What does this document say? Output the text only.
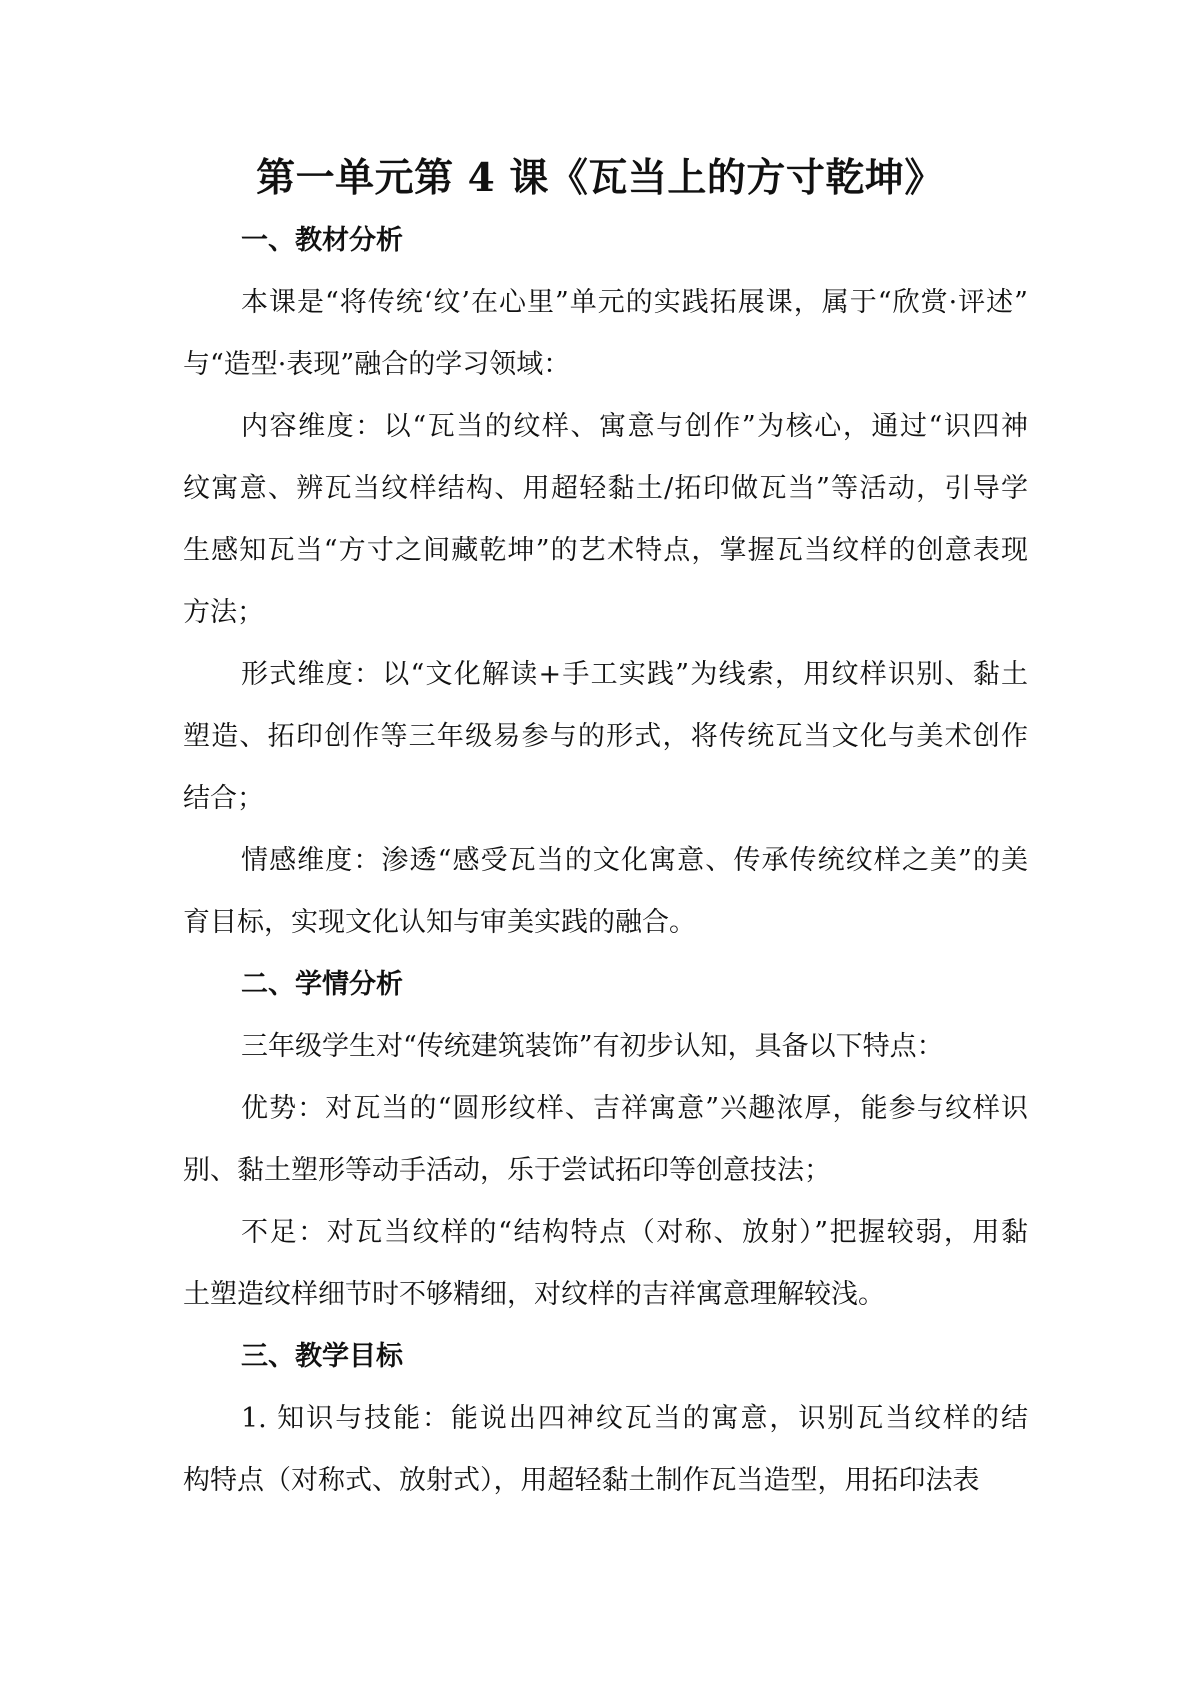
第一单元第 4 课《瓦当上的方寸乾坤》
一、教材分析
本课是“将传统‘纹’在心里”单元的实践拓展课，属于“欣赏·评述”
与“造型·表现”融合的学习领域：
内容维度：以“瓦当的纹样、寓意与创作”为核心，通过“识四神
纹寓意、辨瓦当纹样结构、用超轻黏土/拓印做瓦当”等活动，引导学
生感知瓦当“方寸之间藏乾坤”的艺术特点，掌握瓦当纹样的创意表现
方法；
形式维度：以“文化解读+手工实践”为线索，用纹样识别、黏土
塑造、拓印创作等三年级易参与的形式，将传统瓦当文化与美术创作
结合；
情感维度：渗透“感受瓦当的文化寓意、传承传统纹样之美”的美
育目标，实现文化认知与审美实践的融合。
二、学情分析
三年级学生对“传统建筑装饰”有初步认知，具备以下特点：
优势：对瓦当的“圆形纹样、吉祥寓意”兴趣浓厚，能参与纹样识
别、黏土塑形等动手活动，乐于尝试拓印等创意技法；
不足：对瓦当纹样的“结构特点（对称、放射）”把握较弱，用黏
土塑造纹样细节时不够精细，对纹样的吉祥寓意理解较浅。
三、教学目标
1. 知识与技能：能说出四神纹瓦当的寓意，识别瓦当纹样的结
构特点（对称式、放射式），用超轻黏土制作瓦当造型，用拓印法表
